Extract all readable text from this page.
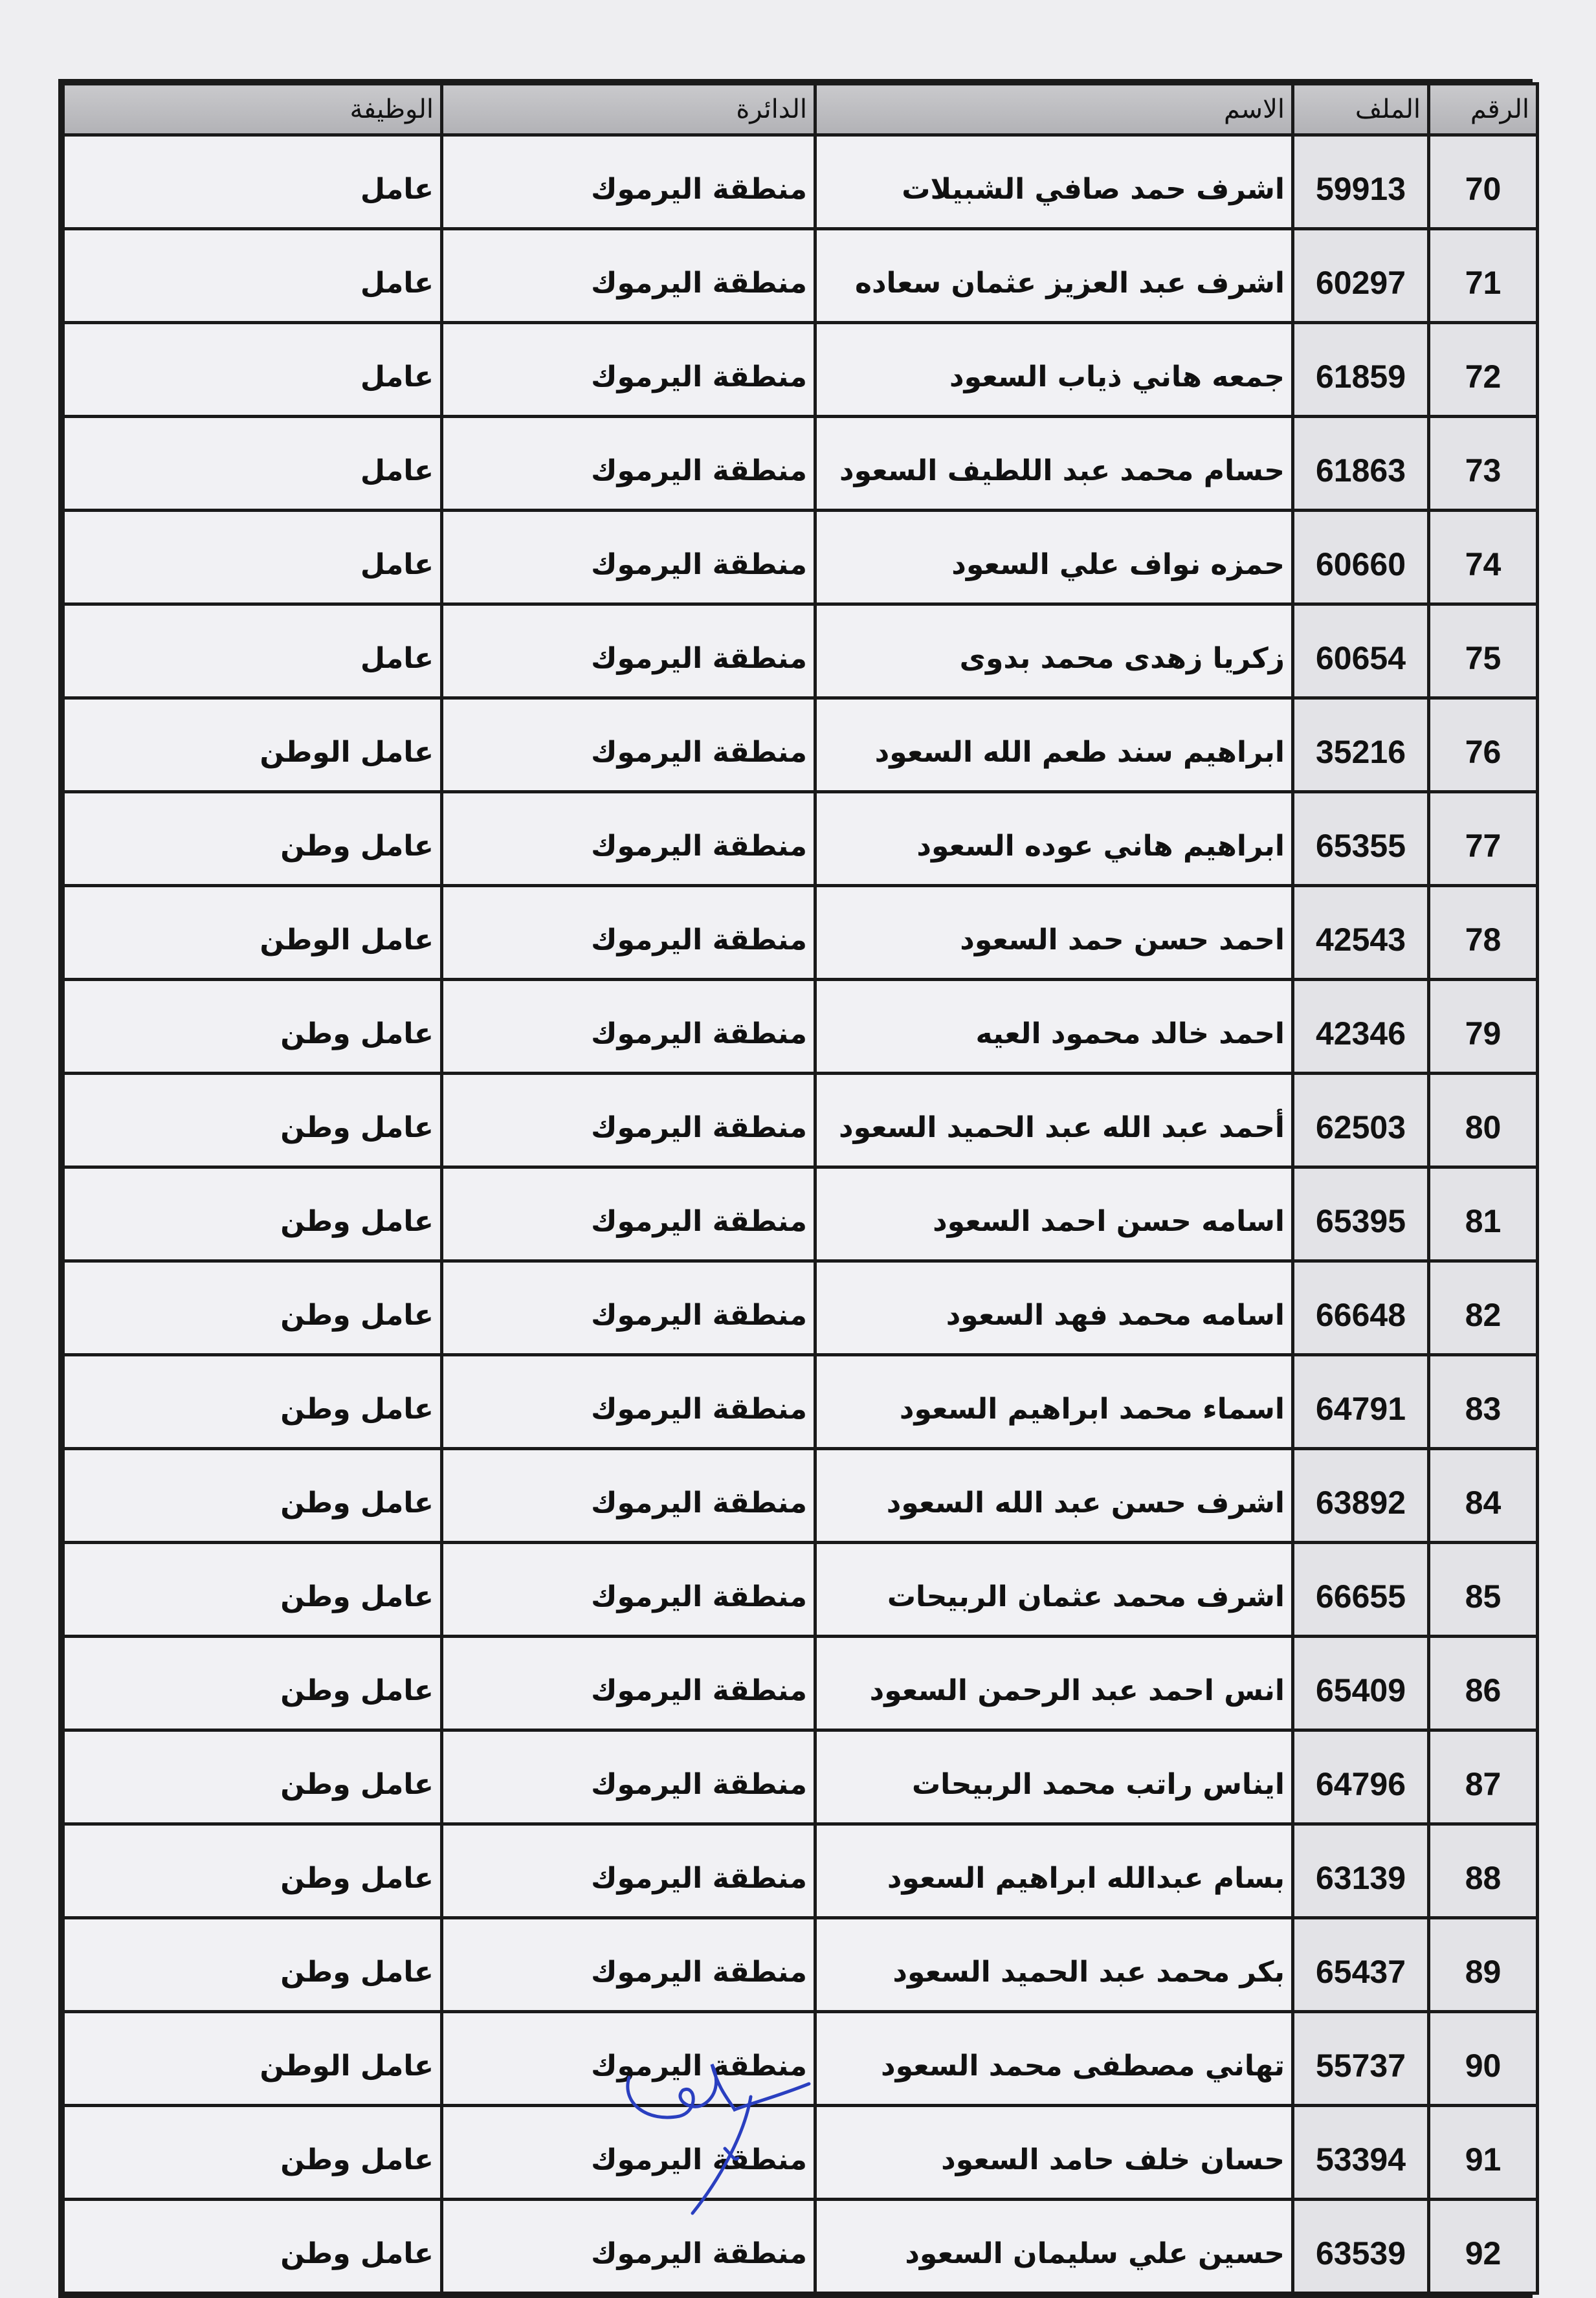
الرقم	الملف	الاسم	الدائرة	الوظيفة
70	59913	اشرف حمد صافي الشبيلات	منطقة اليرموك	عامل
71	60297	اشرف عبد العزيز عثمان سعاده	منطقة اليرموك	عامل
72	61859	جمعه هاني ذياب السعود	منطقة اليرموك	عامل
73	61863	حسام محمد عبد اللطيف السعود	منطقة اليرموك	عامل
74	60660	حمزه نواف علي السعود	منطقة اليرموك	عامل
75	60654	زكريا زهدى محمد بدوى	منطقة اليرموك	عامل
76	35216	ابراهيم سند طعم الله السعود	منطقة اليرموك	عامل الوطن
77	65355	ابراهيم هاني عوده السعود	منطقة اليرموك	عامل وطن
78	42543	احمد حسن حمد السعود	منطقة اليرموك	عامل الوطن
79	42346	احمد خالد محمود العيه	منطقة اليرموك	عامل وطن
80	62503	أحمد عبد الله عبد الحميد السعود	منطقة اليرموك	عامل وطن
81	65395	اسامه حسن احمد السعود	منطقة اليرموك	عامل وطن
82	66648	اسامه محمد فهد السعود	منطقة اليرموك	عامل وطن
83	64791	اسماء محمد ابراهيم السعود	منطقة اليرموك	عامل وطن
84	63892	اشرف حسن عبد الله السعود	منطقة اليرموك	عامل وطن
85	66655	اشرف محمد عثمان الربيحات	منطقة اليرموك	عامل وطن
86	65409	انس احمد عبد الرحمن السعود	منطقة اليرموك	عامل وطن
87	64796	ايناس راتب محمد الربيحات	منطقة اليرموك	عامل وطن
88	63139	بسام عبدالله ابراهيم السعود	منطقة اليرموك	عامل وطن
89	65437	بكر محمد عبد الحميد السعود	منطقة اليرموك	عامل وطن
90	55737	تهاني مصطفى محمد السعود	منطقة اليرموك	عامل الوطن
91	53394	حسان خلف حامد السعود	منطقة اليرموك	عامل وطن
92	63539	حسين علي سليمان السعود	منطقة اليرموك	عامل وطن
